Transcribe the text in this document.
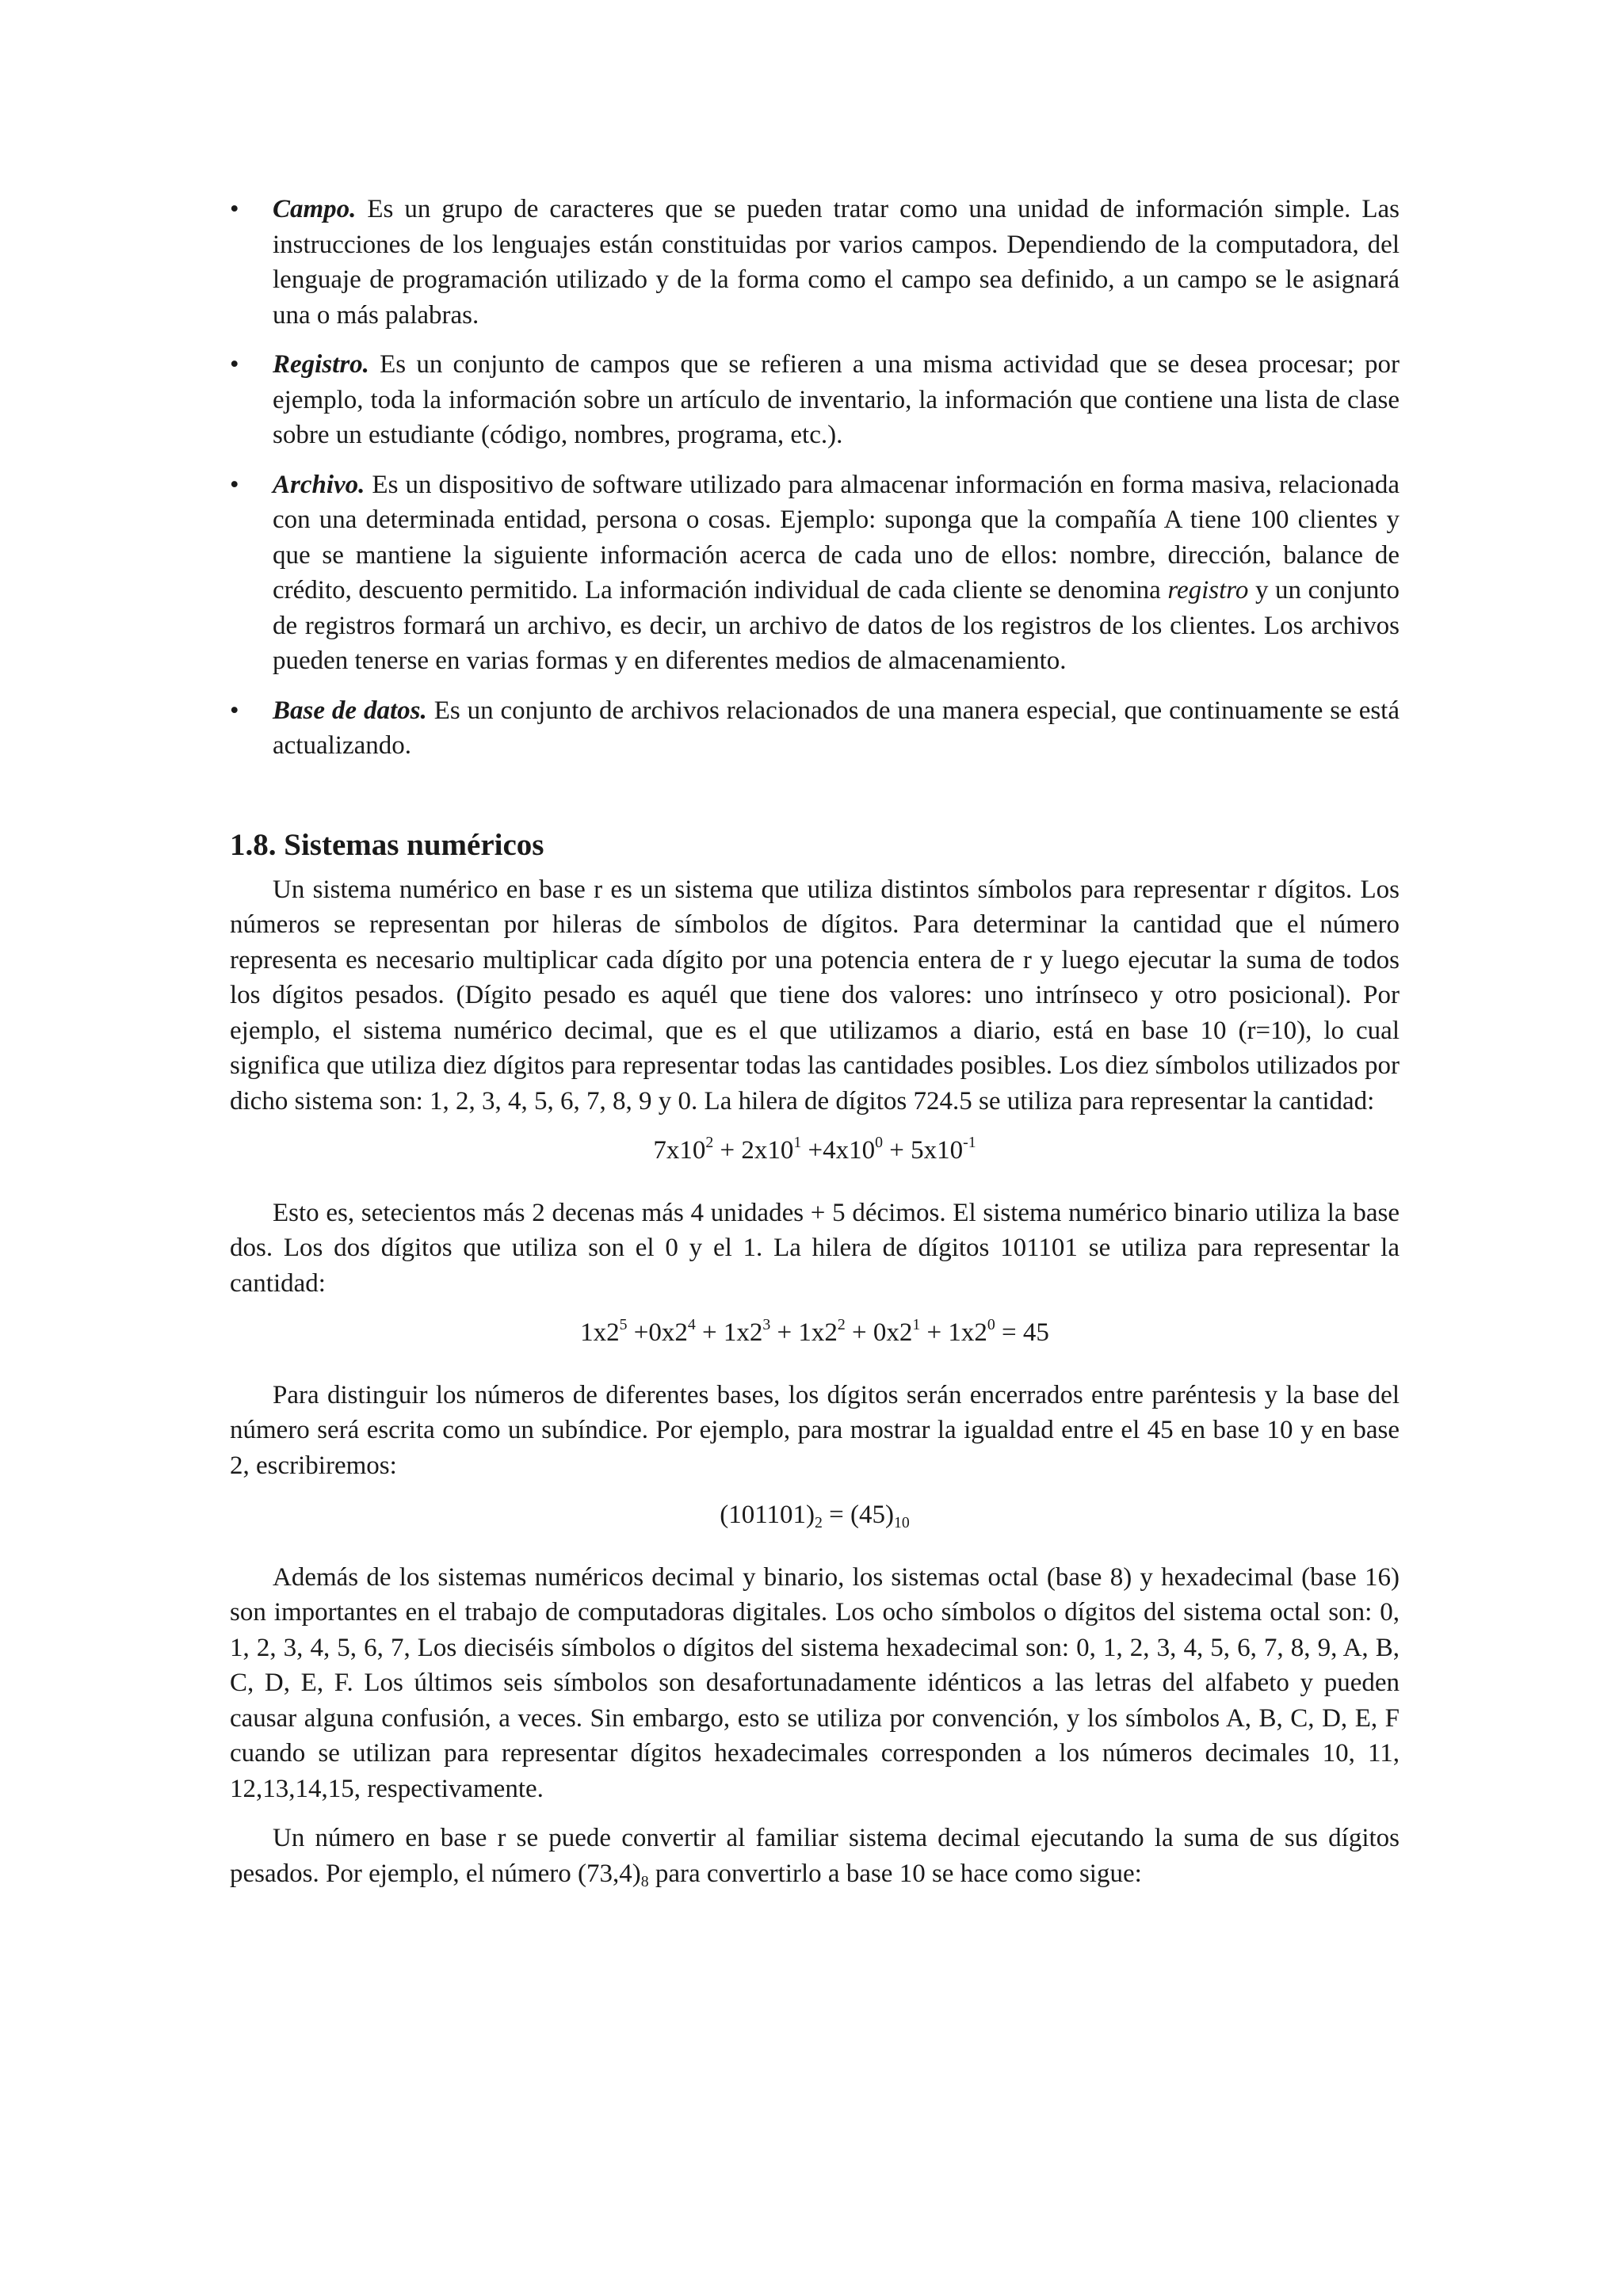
• Campo. Es un grupo de caracteres que se pueden tratar como una unidad de información simple. Las instrucciones de los lenguajes están constituidas por varios campos. Dependiendo de la computadora, del lenguaje de programación utilizado y de la forma como el campo sea definido, a un campo se le asignará una o más palabras.
• Registro. Es un conjunto de campos que se refieren a una misma actividad que se desea procesar; por ejemplo, toda la información sobre un artículo de inventario, la información que contiene una lista de clase sobre un estudiante (código, nombres, programa, etc.).
• Archivo. Es un dispositivo de software utilizado para almacenar información en forma masiva, relacionada con una determinada entidad, persona o cosas. Ejemplo: suponga que la compañía A tiene 100 clientes y que se mantiene la siguiente información acerca de cada uno de ellos: nombre, dirección, balance de crédito, descuento permitido. La información individual de cada cliente se denomina registro y un conjunto de registros formará un archivo, es decir, un archivo de datos de los registros de los clientes. Los archivos pueden tenerse en varias formas y en diferentes medios de almacenamiento.
• Base de datos. Es un conjunto de archivos relacionados de una manera especial, que continuamente se está actualizando.
1.8. Sistemas numéricos

Un sistema numérico en base r es un sistema que utiliza distintos símbolos para representar r dígitos. Los números se representan por hileras de símbolos de dígitos. Para determinar la cantidad que el número representa es necesario multiplicar cada dígito por una potencia entera de r y luego ejecutar la suma de todos los dígitos pesados. (Dígito pesado es aquél que tiene dos valores: uno intrínseco y otro posicional). Por ejemplo, el sistema numérico decimal, que es el que utilizamos a diario, está en base 10 (r=10), lo cual significa que utiliza diez dígitos para representar todas las cantidades posibles. Los diez símbolos utilizados por dicho sistema son: 1, 2, 3, 4, 5, 6, 7, 8, 9 y 0. La hilera de dígitos 724.5 se utiliza para representar la cantidad:

$7x10^2 + 2x10^1 +4x10^0 + 5x10^{-1}$

Esto es, setecientos más 2 decenas más 4 unidades + 5 décimos. El sistema numérico binario utiliza la base dos. Los dos dígitos que utiliza son el 0 y el 1. La hilera de dígitos 101101 se utiliza para representar la cantidad:

$1x2^5 +0x2^4 + 1x2^3 + 1x2^2 + 0x2^1 + 1x2^0 = 45$

Para distinguir los números de diferentes bases, los dígitos serán encerrados entre paréntesis y la base del número será escrita como un subíndice. Por ejemplo, para mostrar la igualdad entre el 45 en base 10 y en base 2, escribiremos:

$(101101)_2 = (45)_{10}$

Además de los sistemas numéricos decimal y binario, los sistemas octal (base 8) y hexadecimal (base 16) son importantes en el trabajo de computadoras digitales. Los ocho símbolos o dígitos del sistema octal son: 0, 1, 2, 3, 4, 5, 6, 7, Los dieciséis símbolos o dígitos del sistema hexadecimal son: 0, 1, 2, 3, 4, 5, 6, 7, 8, 9, A, B, C, D, E, F. Los últimos seis símbolos son desafortunadamente idénticos a las letras del alfabeto y pueden causar alguna confusión, a veces. Sin embargo, esto se utiliza por convención, y los símbolos A, B, C, D, E, F cuando se utilizan para representar dígitos hexadecimales corresponden a los números decimales 10, 11, 12,13,14,15, respectivamente.

Un número en base r se puede convertir al familiar sistema decimal ejecutando la suma de sus dígitos pesados. Por ejemplo, el número $(73,4)_8$ para convertirlo a base 10 se hace como sigue:
